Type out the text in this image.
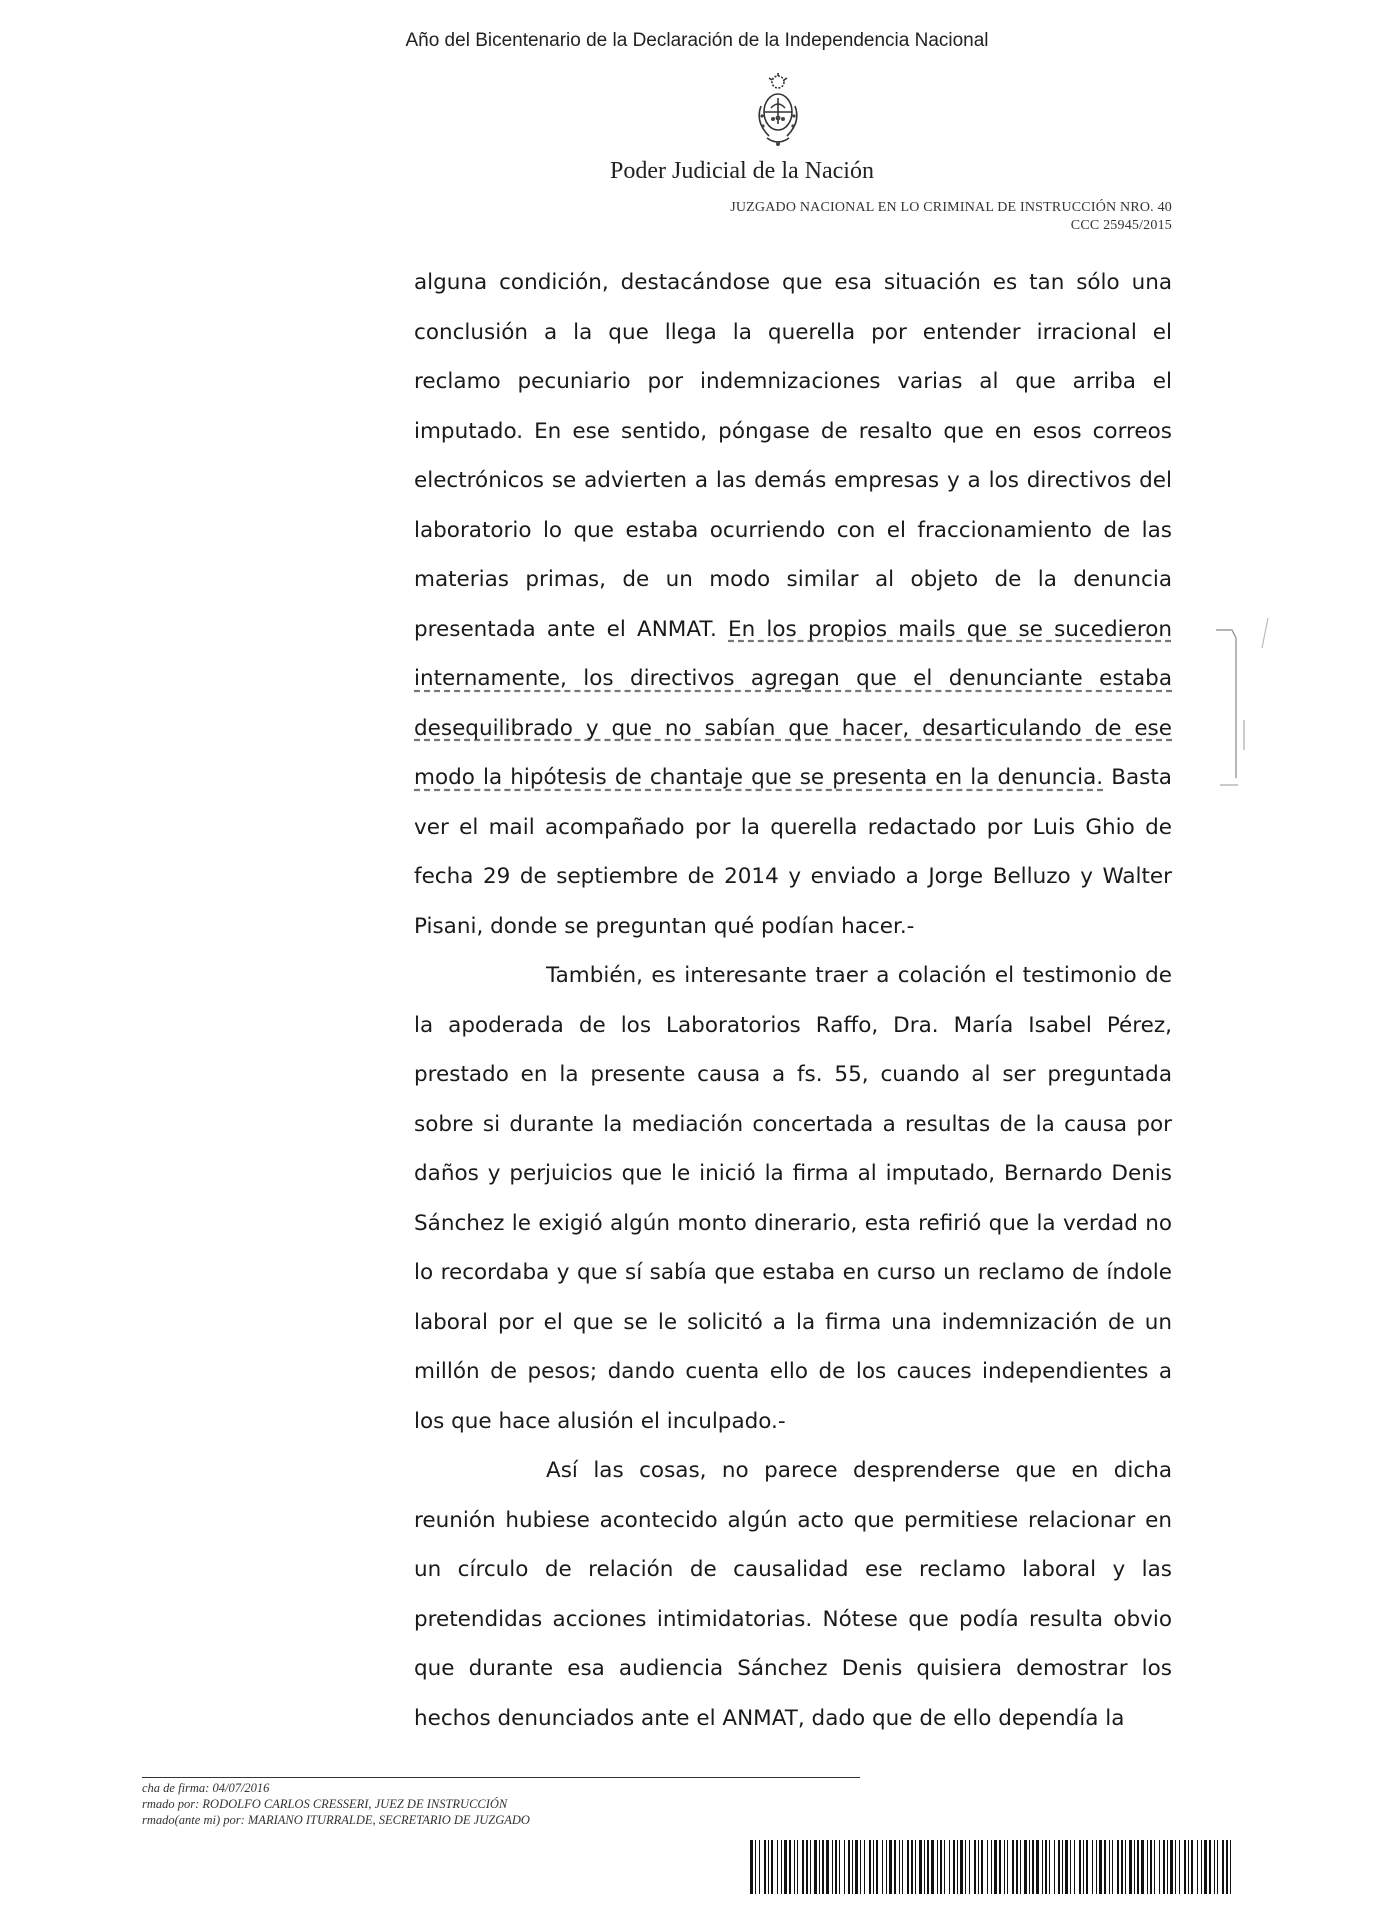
Año del Bicentenario de la Declaración de la Independencia Nacional
Poder Judicial de la Nación
JUZGADO NACIONAL EN LO CRIMINAL DE INSTRUCCIÓN NRO. 40
CCC 25945/2015

alguna condición, destacándose que esa situación es tan sólo una conclusión a la que llega la querella por entender irracional el reclamo pecuniario por indemnizaciones varias al que arriba el imputado. En ese sentido, póngase de resalto que en esos correos electrónicos se advierten a las demás empresas y a los directivos del laboratorio lo que estaba ocurriendo con el fraccionamiento de las materias primas, de un modo similar al objeto de la denuncia presentada ante el ANMAT. En los propios mails que se sucedieron internamente, los directivos agregan que el denunciante estaba desequilibrado y que no sabían que hacer, desarticulando de ese modo la hipótesis de chantaje que se presenta en la denuncia. Basta ver el mail acompañado por la querella redactado por Luis Ghio de fecha 29 de septiembre de 2014 y enviado a Jorge Belluzo y Walter Pisani, donde se preguntan qué podían hacer.-

También, es interesante traer a colación el testimonio de la apoderada de los Laboratorios Raffo, Dra. María Isabel Pérez, prestado en la presente causa a fs. 55, cuando al ser preguntada sobre si durante la mediación concertada a resultas de la causa por daños y perjuicios que le inició la firma al imputado, Bernardo Denis Sánchez le exigió algún monto dinerario, esta refirió que la verdad no lo recordaba y que sí sabía que estaba en curso un reclamo de índole laboral por el que se le solicitó a la firma una indemnización de un millón de pesos; dando cuenta ello de los cauces independientes a los que hace alusión el inculpado.-

Así las cosas, no parece desprenderse que en dicha reunión hubiese acontecido algún acto que permitiese relacionar en un círculo de relación de causalidad ese reclamo laboral y las pretendidas acciones intimidatorias. Nótese que podía resulta obvio que durante esa audiencia Sánchez Denis quisiera demostrar los hechos denunciados ante el ANMAT, dado que de ello dependía la

cha de firma: 04/07/2016
rmado por: RODOLFO CARLOS CRESSERI, JUEZ DE INSTRUCCIÓN
rmado(ante mi) por: MARIANO ITURRALDE, SECRETARIO DE JUZGADO
